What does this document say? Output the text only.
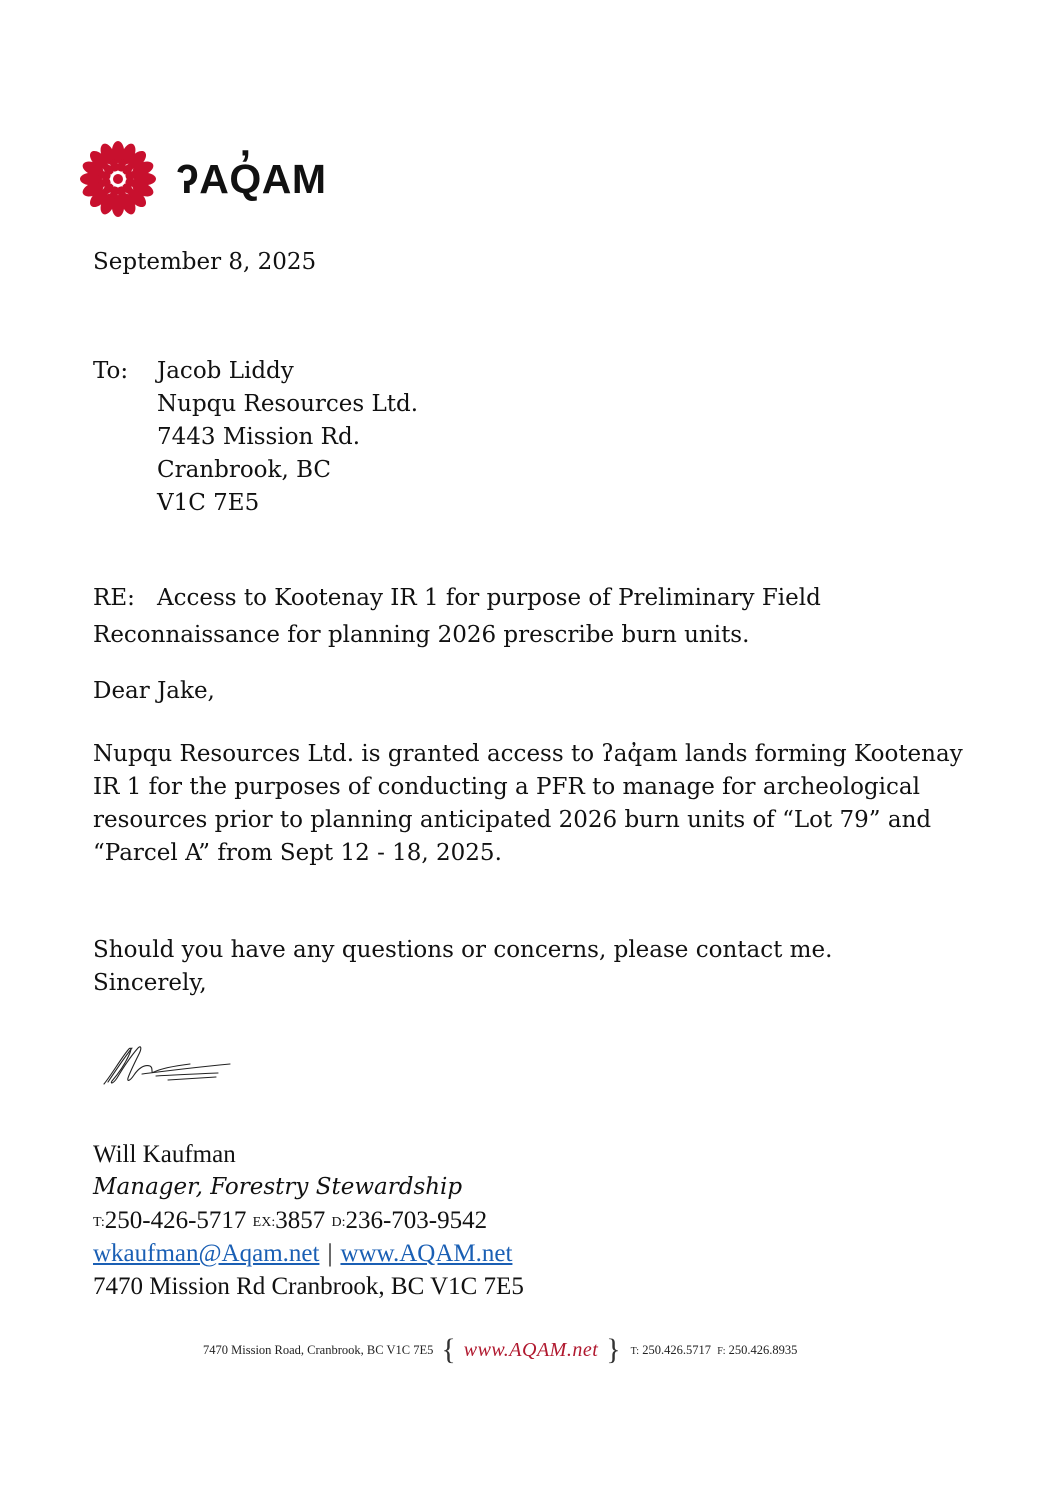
ʔAQ̓AM
September 8, 2025
To: Jacob Liddy
Nupqu Resources Ltd.
7443 Mission Rd.
Cranbrook, BC
V1C 7E5
RE: Access to Kootenay IR 1 for purpose of Preliminary Field
Reconnaissance for planning 2026 prescribe burn units.
Dear Jake,
Nupqu Resources Ltd. is granted access to ʔaq̓am lands forming Kootenay IR 1 for the purposes of conducting a PFR to manage for archeological resources prior to planning anticipated 2026 burn units of “Lot 79” and “Parcel A” from Sept 12 - 18, 2025.
Should you have any questions or concerns, please contact me.
Sincerely,
Will Kaufman
Manager, Forestry Stewardship
$^{T:}$250-426-5717 $^{EX:}$3857 $^{D:}$236-703-9542
wkaufman@Aqam.net | www.AQAM.net
7470 Mission Rd Cranbrook, BC V1C 7E5
7470 Mission Road, Cranbrook, BC V1C 7E5 { www.AQAM.net } T: 250.426.5717 F: 250.426.8935
